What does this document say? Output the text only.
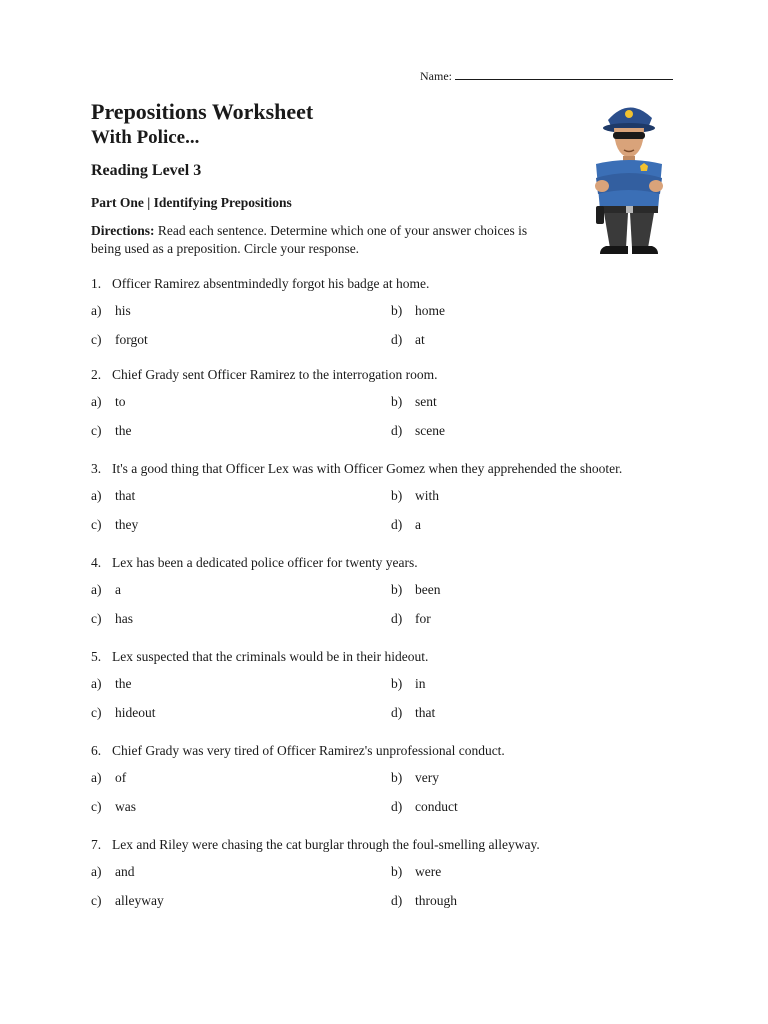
Name:
Prepositions Worksheet
With Police...
Reading Level 3
Part One | Identifying Prepositions

Directions: Read each sentence. Determine which one of your answer choices is being used as a preposition. Circle your response.

1. Officer Ramirez absentmindedly forgot his badge at home.
a) his	b) home
c) forgot	d) at
2. Chief Grady sent Officer Ramirez to the interrogation room.
a) to	b) sent
c) the	d) scene
3. It's a good thing that Officer Lex was with Officer Gomez when they apprehended the shooter.
a) that	b) with
c) they	d) a
4. Lex has been a dedicated police officer for twenty years.
a) a	b) been
c) has	d) for
5. Lex suspected that the criminals would be in their hideout.
a) the	b) in
c) hideout	d) that
6. Chief Grady was very tired of Officer Ramirez's unprofessional conduct.
a) of	b) very
c) was	d) conduct
7. Lex and Riley were chasing the cat burglar through the foul-smelling alleyway.
a) and	b) were
c) alleyway	d) through
